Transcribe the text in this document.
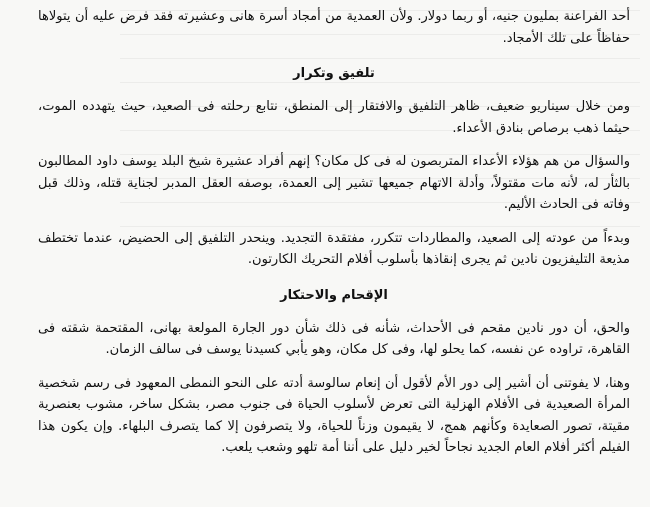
أحد الفراعنة بمليون جنيه، أو ربما دولار. ولأن العمدية من أمجاد أسرة هانى وعشيرته فقد فرض عليه أن يتولاها حفاظاً على تلك الأمجاد.

تلفيق وتكرار

ومن خلال سيناريو ضعيف، ظاهر التلفيق والافتقار إلى المنطق، نتابع رحلته فى الصعيد، حيث يتهدده الموت، حيثما ذهب برصاص بنادق الأعداء.

والسؤال من هم هؤلاء الأعداء المتربصون له فى كل مكان؟ إنهم أفراد عشيرة شيخ البلد يوسف داود المطالبون بالثأر له، لأنه مات مقتولاً، وأدلة الاتهام جميعها تشير إلى العمدة، بوصفه العقل المدبر لجناية قتله، وذلك قبل وفاته فى الحادث الأليم.

وبدءاً من عودته إلى الصعيد، والمطاردات تتكرر، مفتقدة التجديد. وينحدر التلفيق إلى الحضيض، عندما تختطف مذيعة التليفزيون نادين ثم يجرى إنقاذها بأسلوب أفلام التحريك الكارتون.

الإقحام والاحتكار

والحق، أن دور نادين مقحم فى الأحداث، شأنه فى ذلك شأن دور الجارة المولعة بهانى، المقتحمة شقته فى القاهرة، تراوده عن نفسه، كما يحلو لها، وفى كل مكان، وهو يأبي كسيدنا يوسف فى سالف الزمان.

وهنا، لا يفوتنى أن أشير إلى دور الأم لأقول أن إنعام سالوسة أدته على النحو النمطى المعهود فى رسم شخصية المرأة الصعيدية فى الأفلام الهزلية التى تعرض لأسلوب الحياة فى جنوب مصر، بشكل ساخر، مشوب بعنصرية مقيتة، تصور الصعايدة وكأنهم همج، لا يقيمون وزناً للحياة، ولا يتصرفون إلا كما يتصرف البلهاء. وإن يكون هذا الفيلم أكثر أفلام العام الجديد نجاحاً لخير دليل على أننا أمة تلهو وشعب يلعب.
